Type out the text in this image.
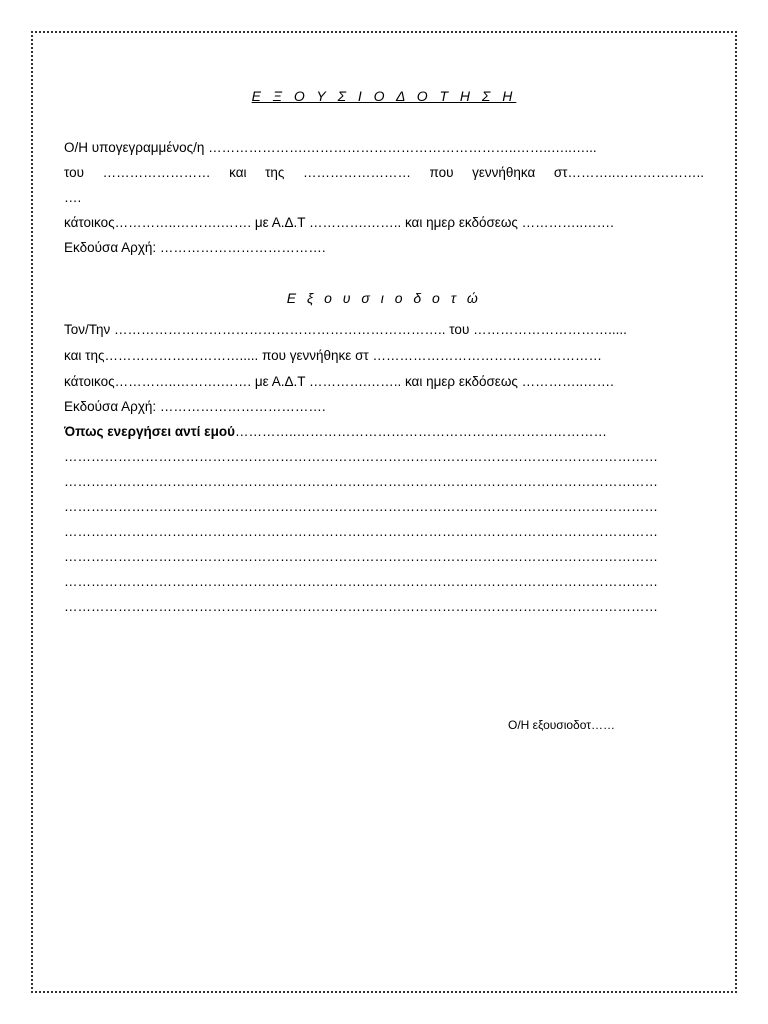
Ε Ξ Ο Υ Σ Ι Ο Δ Ο Τ Η Σ Η
Ο/Η υπογεγραμμένος/η ………………….………………………………………..……..…..…...
του …………………… και της …………………… που γεννήθηκα στ………..………………..
….
κάτοικος…………..……….……. με Α.Δ.Τ ………….…….. και ημερ εκδόσεως …………..…….
Εκδούσα Αρχή: ……………………………….
Ε ξ ο υ σ ι ο δ ο τ ώ
Τον/Την ……………………………………………………………….. του ………………………….....
και της…………………………..... που γεννήθηκε στ ……………………………………………
κάτοικος…………..……….……. με Α.Δ.Τ ………….…….. και ημερ εκδόσεως …………..…….
Εκδούσα Αρχή: ……………………………….
Όπως ενεργήσει αντί εμού…………..……………………………………………………………
……………………………………………………………………………………………………………………
……………………………………………………………………………………………………………………
……………………………………………………………………………………………………………………
……………………………………………………………………………………………………………………
……………………………………………………………………………………………………………………
……………………………………………………………………………………………………………………
……………………………………………………………………………………………………………………
Ο/Η εξουσιοδοτ……
